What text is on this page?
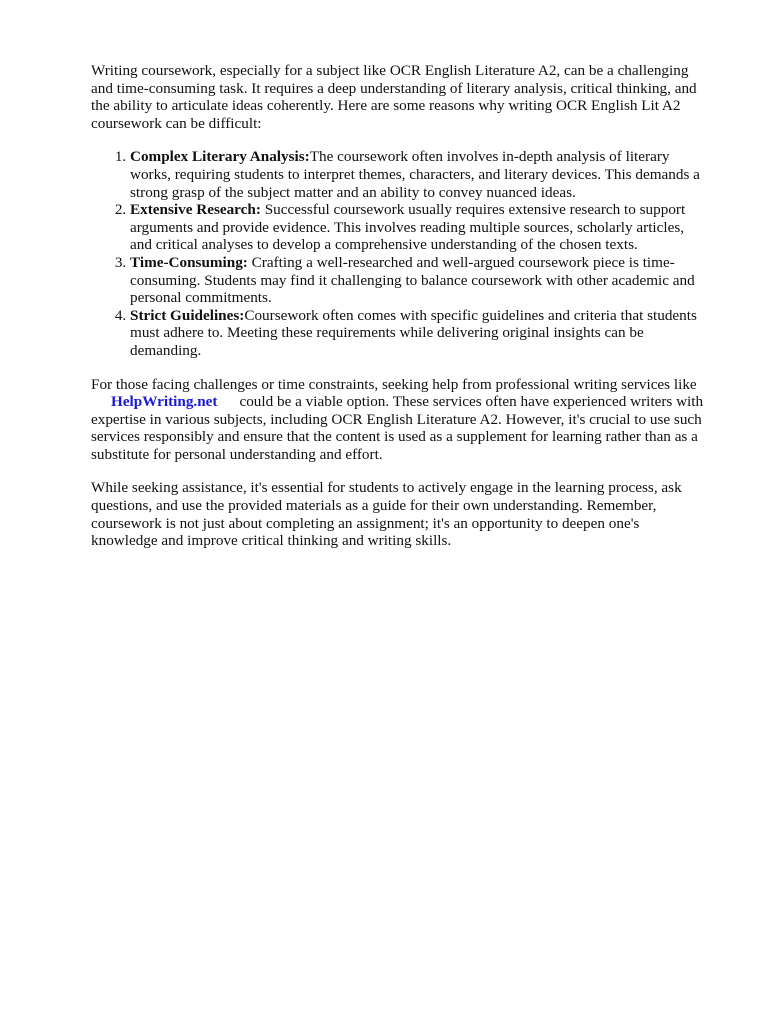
Writing coursework, especially for a subject like OCR English Literature A2, can be a challenging and time-consuming task. It requires a deep understanding of literary analysis, critical thinking, and the ability to articulate ideas coherently. Here are some reasons why writing OCR English Lit A2 coursework can be difficult:

1. Complex Literary Analysis:The coursework often involves in-depth analysis of literary works, requiring students to interpret themes, characters, and literary devices. This demands a strong grasp of the subject matter and an ability to convey nuanced ideas.
2. Extensive Research: Successful coursework usually requires extensive research to support arguments and provide evidence. This involves reading multiple sources, scholarly articles, and critical analyses to develop a comprehensive understanding of the chosen texts.
3. Time-Consuming: Crafting a well-researched and well-argued coursework piece is time-consuming. Students may find it challenging to balance coursework with other academic and personal commitments.
4. Strict Guidelines:Coursework often comes with specific guidelines and criteria that students must adhere to. Meeting these requirements while delivering original insights can be demanding.

For those facing challenges or time constraints, seeking help from professional writing services like
HelpWriting.net could be a viable option. These services often have experienced writers with expertise in various subjects, including OCR English Literature A2. However, it's crucial to use such services responsibly and ensure that the content is used as a supplement for learning rather than as a substitute for personal understanding and effort.

While seeking assistance, it's essential for students to actively engage in the learning process, ask questions, and use the provided materials as a guide for their own understanding. Remember, coursework is not just about completing an assignment; it's an opportunity to deepen one's knowledge and improve critical thinking and writing skills.
